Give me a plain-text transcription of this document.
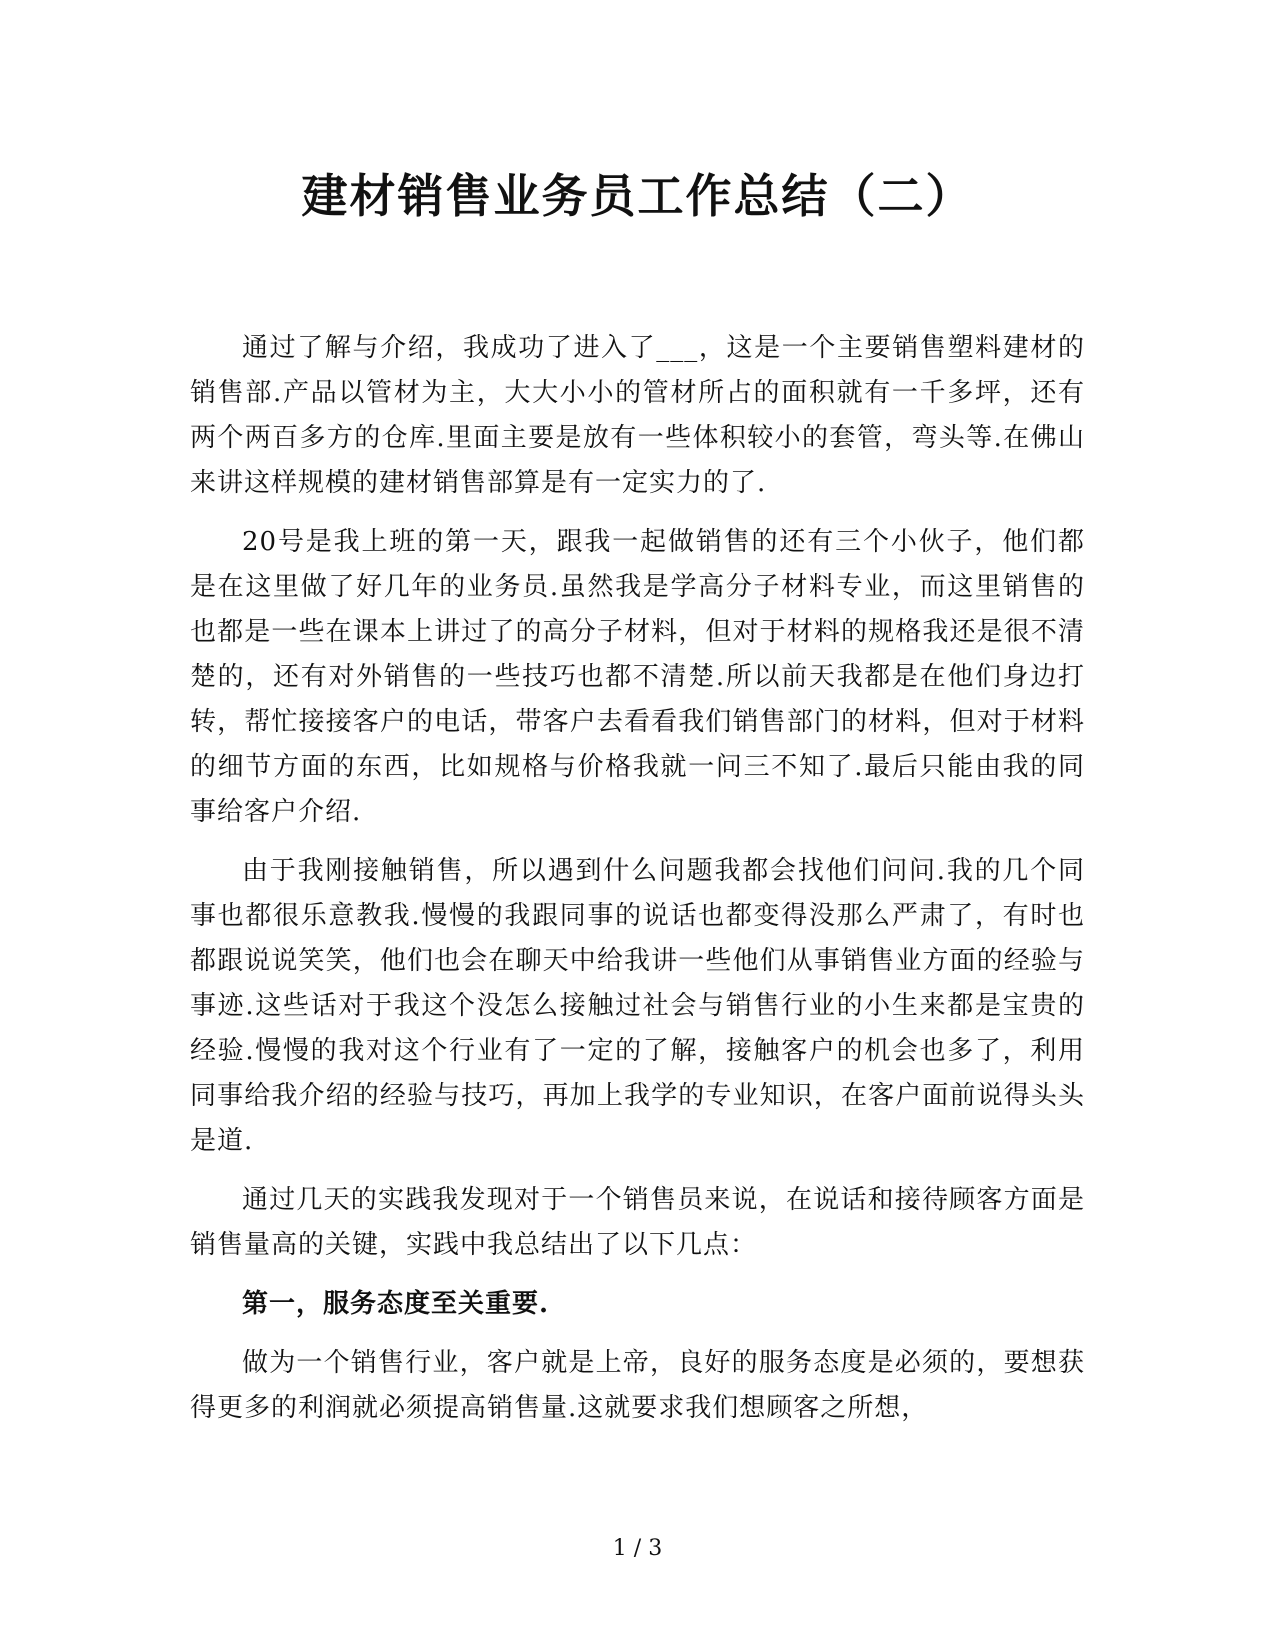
建材销售业务员工作总结（二）

通过了解与介绍，我成功了进入了___，这是一个主要销售塑料建材的销售部.产品以管材为主，大大小小的管材所占的面积就有一千多坪，还有两个两百多方的仓库.里面主要是放有一些体积较小的套管，弯头等.在佛山来讲这样规模的建材销售部算是有一定实力的了.

20号是我上班的第一天，跟我一起做销售的还有三个小伙子，他们都是在这里做了好几年的业务员.虽然我是学高分子材料专业，而这里销售的也都是一些在课本上讲过了的高分子材料，但对于材料的规格我还是很不清楚的，还有对外销售的一些技巧也都不清楚.所以前天我都是在他们身边打转，帮忙接接客户的电话，带客户去看看我们销售部门的材料，但对于材料的细节方面的东西，比如规格与价格我就一问三不知了.最后只能由我的同事给客户介绍.

由于我刚接触销售，所以遇到什么问题我都会找他们问问.我的几个同事也都很乐意教我.慢慢的我跟同事的说话也都变得没那么严肃了，有时也都跟说说笑笑，他们也会在聊天中给我讲一些他们从事销售业方面的经验与事迹.这些话对于我这个没怎么接触过社会与销售行业的小生来都是宝贵的经验.慢慢的我对这个行业有了一定的了解，接触客户的机会也多了，利用同事给我介绍的经验与技巧，再加上我学的专业知识，在客户面前说得头头是道.

通过几天的实践我发现对于一个销售员来说，在说话和接待顾客方面是销售量高的关键，实践中我总结出了以下几点：

第一，服务态度至关重要.

做为一个销售行业，客户就是上帝，良好的服务态度是必须的，要想获得更多的利润就必须提高销售量.这就要求我们想顾客之所想，

1 / 3
